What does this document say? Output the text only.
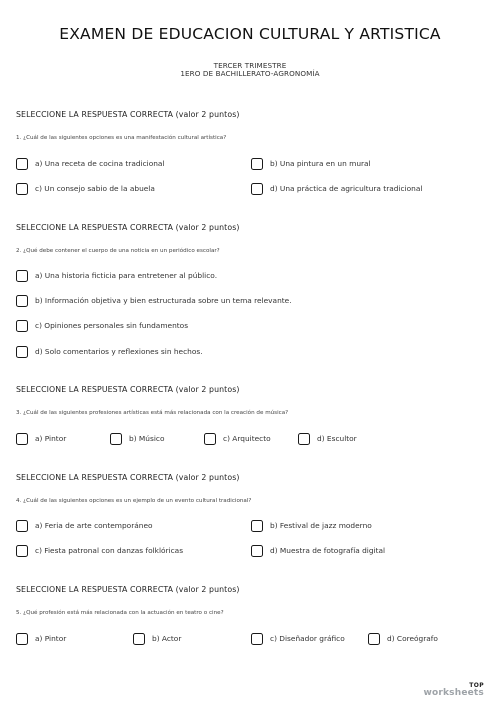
EXAMEN DE EDUCACION CULTURAL Y ARTISTICA
TERCER TRIMESTRE
1ERO DE BACHILLERATO-AGRONOMÍA
SELECCIONE LA RESPUESTA CORRECTA (valor 2 puntos)
1. ¿Cuál de las siguientes opciones es una manifestación cultural artística?
a) Una receta de cocina tradicional	b) Una pintura en un mural
c) Un consejo sabio de la abuela	d) Una práctica de agricultura tradicional
SELECCIONE LA RESPUESTA CORRECTA (valor 2 puntos)
2. ¿Qué debe contener el cuerpo de una noticia en un periódico escolar?
a) Una historia ficticia para entretener al público.
b) Información objetiva y bien estructurada sobre un tema relevante.
c) Opiniones personales sin fundamentos
d) Solo comentarios y reflexiones sin hechos.
SELECCIONE LA RESPUESTA CORRECTA (valor 2 puntos)
3. ¿Cuál de las siguientes profesiones artísticas está más relacionada con la creación de música?
a) Pintor	b) Músico	c) Arquitecto	d) Escultor
SELECCIONE LA RESPUESTA CORRECTA (valor 2 puntos)
4. ¿Cuál de las siguientes opciones es un ejemplo de un evento cultural tradicional?
a) Feria de arte contemporáneo	b) Festival de jazz moderno
c) Fiesta patronal con danzas folklóricas	d) Muestra de fotografía digital
SELECCIONE LA RESPUESTA CORRECTA (valor 2 puntos)
5. ¿Qué profesión está más relacionada con la actuación en teatro o cine?
a) Pintor	b) Actor	c) Diseñador gráfico	d) Coreógrafo
TOP
worksheets
